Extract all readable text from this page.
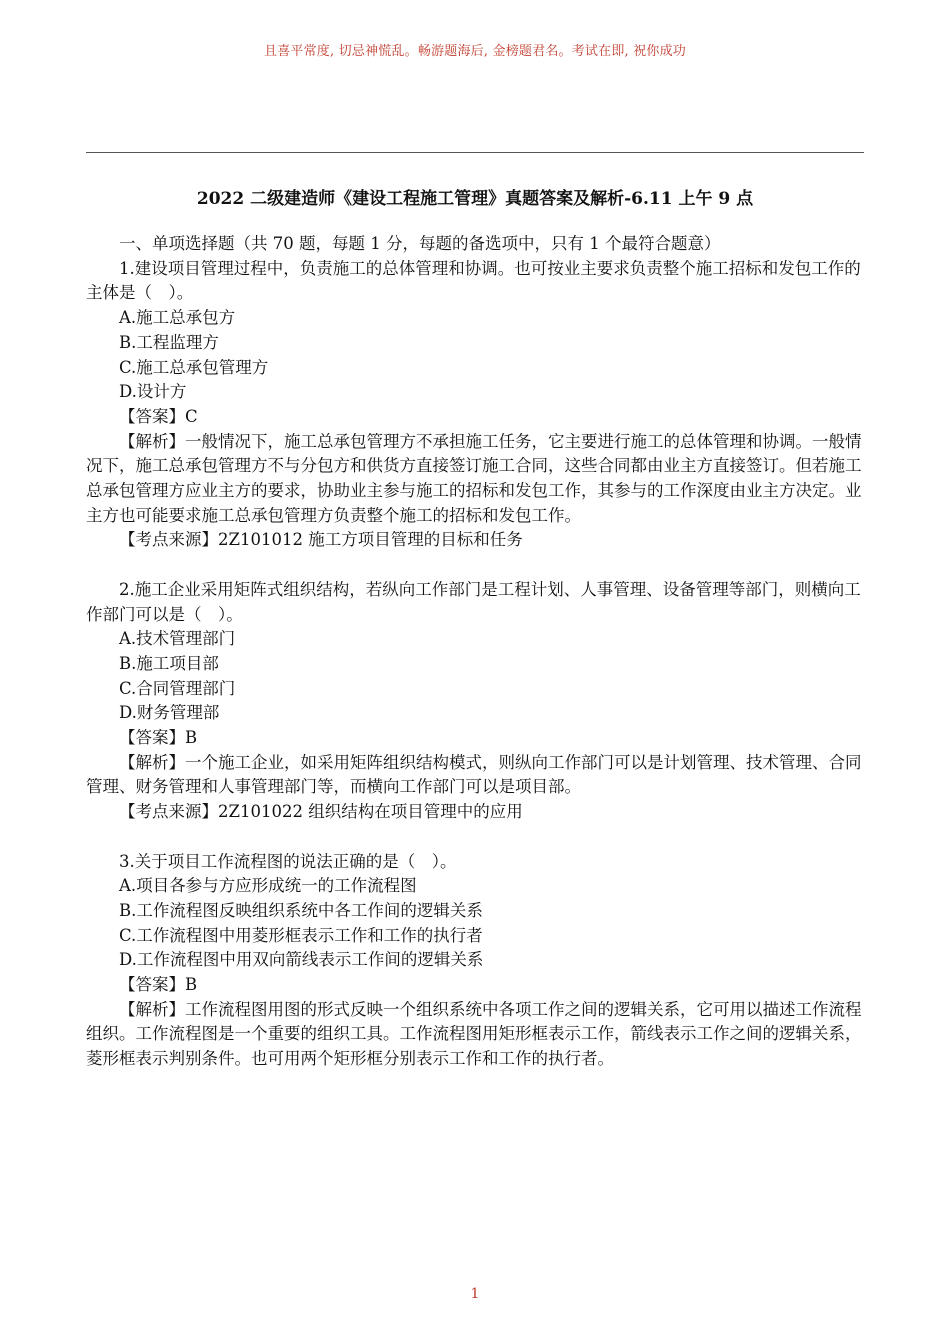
且喜平常度, 切忌神慌乱。畅游题海后, 金榜题君名。考试在即, 祝你成功
2022 二级建造师《建设工程施工管理》真题答案及解析-6.11 上午 9 点

一、单项选择题（共 70 题，每题 1 分，每题的备选项中，只有 1 个最符合题意）

1.建设项目管理过程中，负责施工的总体管理和协调。也可按业主要求负责整个施工招标和发包工作的主体是（　）。

A.施工总承包方

B.工程监理方

C.施工总承包管理方

D.设计方

【答案】C

【解析】一般情况下，施工总承包管理方不承担施工任务，它主要进行施工的总体管理和协调。一般情况下，施工总承包管理方不与分包方和供货方直接签订施工合同，这些合同都由业主方直接签订。但若施工总承包管理方应业主方的要求，协助业主参与施工的招标和发包工作，其参与的工作深度由业主方决定。业主方也可能要求施工总承包管理方负责整个施工的招标和发包工作。

【考点来源】2Z101012 施工方项目管理的目标和任务

2.施工企业采用矩阵式组织结构，若纵向工作部门是工程计划、人事管理、设备管理等部门，则横向工作部门可以是（　）。

A.技术管理部门

B.施工项目部

C.合同管理部门

D.财务管理部

【答案】B

【解析】一个施工企业，如采用矩阵组织结构模式，则纵向工作部门可以是计划管理、技术管理、合同管理、财务管理和人事管理部门等，而横向工作部门可以是项目部。

【考点来源】2Z101022 组织结构在项目管理中的应用

3.关于项目工作流程图的说法正确的是（　）。

A.项目各参与方应形成统一的工作流程图

B.工作流程图反映组织系统中各工作间的逻辑关系

C.工作流程图中用菱形框表示工作和工作的执行者

D.工作流程图中用双向箭线表示工作间的逻辑关系

【答案】B

【解析】工作流程图用图的形式反映一个组织系统中各项工作之间的逻辑关系，它可用以描述工作流程组织。工作流程图是一个重要的组织工具。工作流程图用矩形框表示工作，箭线表示工作之间的逻辑关系，菱形框表示判别条件。也可用两个矩形框分别表示工作和工作的执行者。

1
